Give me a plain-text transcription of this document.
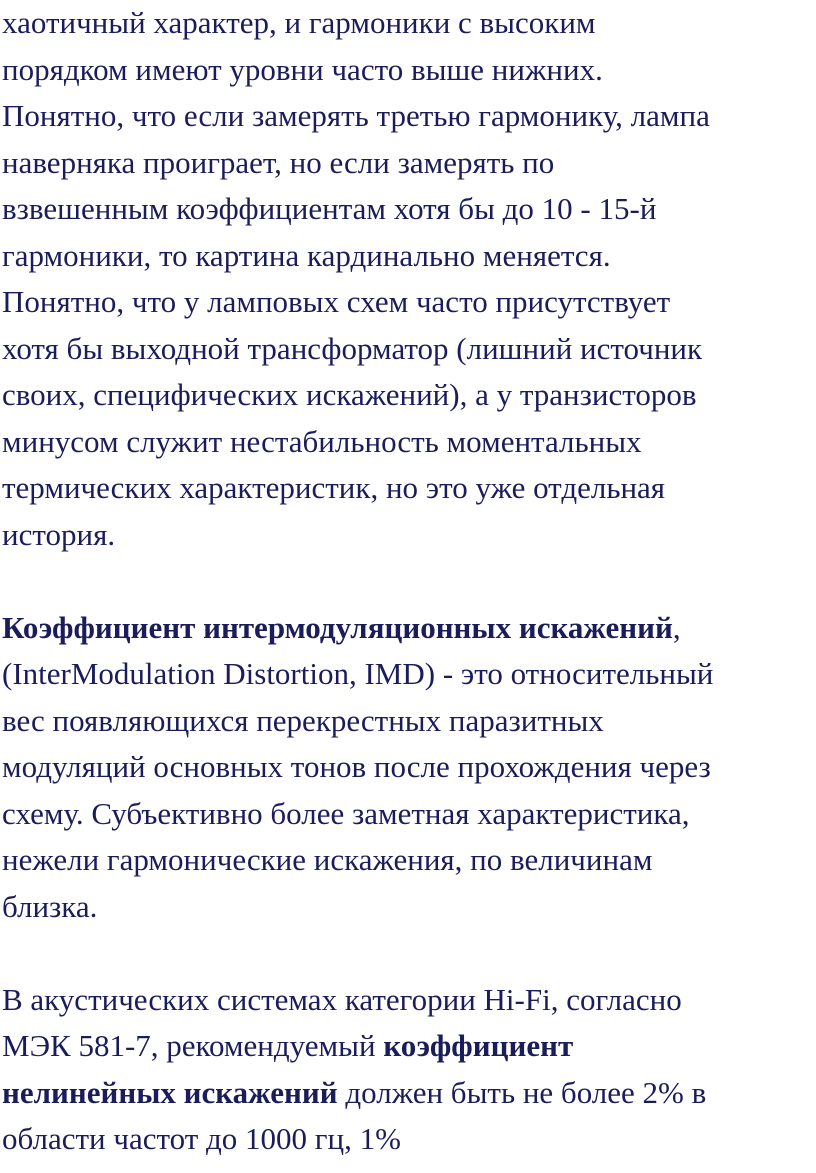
хаотичный характер, и гармоники с высоким
порядком имеют уровни часто выше нижних.
Понятно, что если замерять третью гармонику, лампа
наверняка проиграет, но если замерять по
взвешенным коэффициентам хотя бы до 10 - 15-й
гармоники, то картина кардинально меняется.
Понятно, что у ламповых схем часто присутствует
хотя бы выходной трансформатор (лишний источник
своих, специфических искажений), а у транзисторов
минусом служит нестабильность моментальных
термических характеристик, но это уже отдельная
история.
Коэффициент интермодуляционных искажений,
(InterModulation Distortion, IMD) - это относительный
вес появляющихся перекрестных паразитных
модуляций основных тонов после прохождения через
схему. Субъективно более заметная характеристика,
нежели гармонические искажения, по величинам
близка.
В акустических системах категории Hi-Fi, согласно
МЭК 581-7, рекомендуемый коэффициент
нелинейных искажений должен быть не более 2% в
области частот до 1000 гц, 1%
